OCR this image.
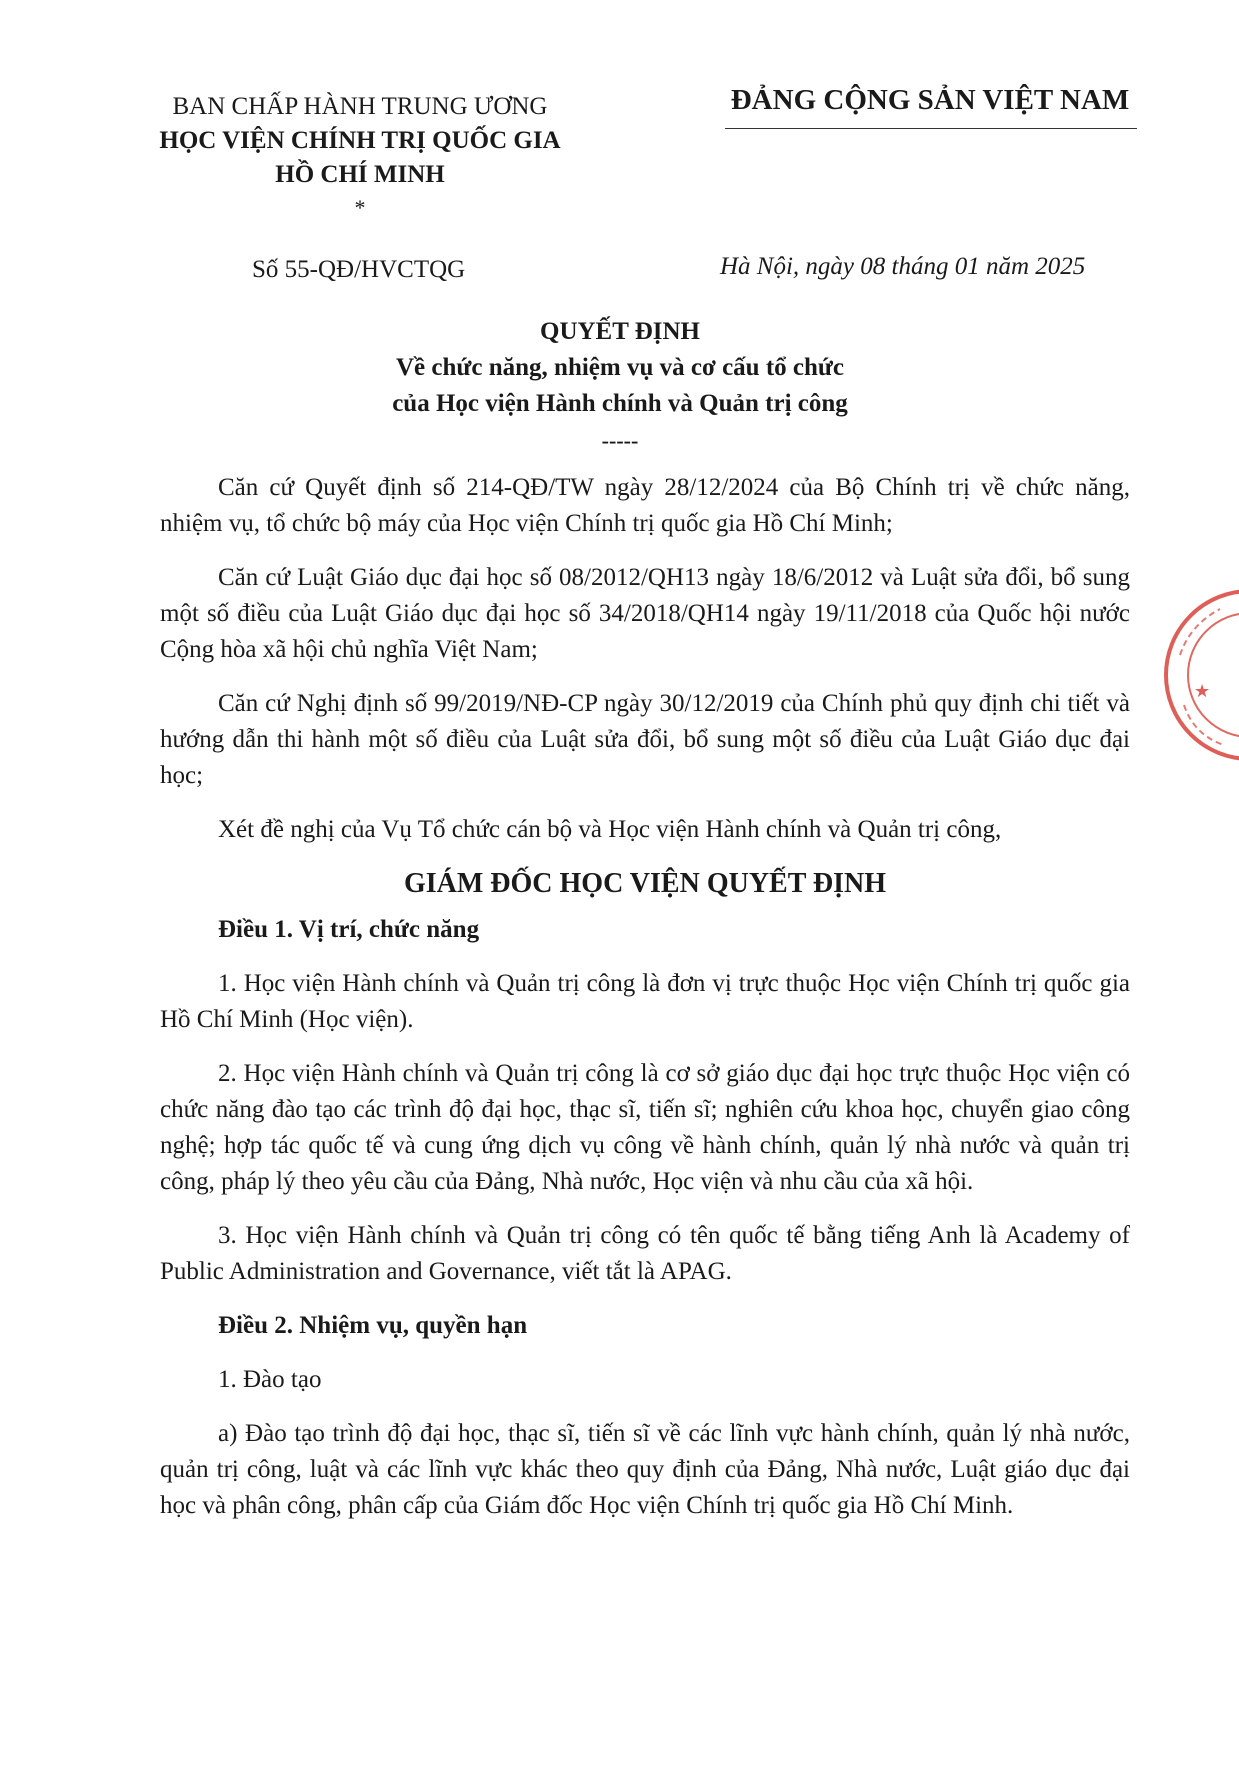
BAN CHẤP HÀNH TRUNG ƯƠNG
HỌC VIỆN CHÍNH TRỊ QUỐC GIA
HỒ CHÍ MINH
*
ĐẢNG CỘNG SẢN VIỆT NAM
Số 55-QĐ/HVCTQG	Hà Nội, ngày 08 tháng 01 năm 2025
QUYẾT ĐỊNH
Về chức năng, nhiệm vụ và cơ cấu tổ chức
của Học viện Hành chính và Quản trị công
-----

Căn cứ Quyết định số 214-QĐ/TW ngày 28/12/2024 của Bộ Chính trị về chức năng, nhiệm vụ, tổ chức bộ máy của Học viện Chính trị quốc gia Hồ Chí Minh;

Căn cứ Luật Giáo dục đại học số 08/2012/QH13 ngày 18/6/2012 và Luật sửa đổi, bổ sung một số điều của Luật Giáo dục đại học số 34/2018/QH14 ngày 19/11/2018 của Quốc hội nước Cộng hòa xã hội chủ nghĩa Việt Nam;

Căn cứ Nghị định số 99/2019/NĐ-CP ngày 30/12/2019 của Chính phủ quy định chi tiết và hướng dẫn thi hành một số điều của Luật sửa đổi, bổ sung một số điều của Luật Giáo dục đại học;

Xét đề nghị của Vụ Tổ chức cán bộ và Học viện Hành chính và Quản trị công,

GIÁM ĐỐC HỌC VIỆN QUYẾT ĐỊNH

Điều 1. Vị trí, chức năng

1. Học viện Hành chính và Quản trị công là đơn vị trực thuộc Học viện Chính trị quốc gia Hồ Chí Minh (Học viện).

2. Học viện Hành chính và Quản trị công là cơ sở giáo dục đại học trực thuộc Học viện có chức năng đào tạo các trình độ đại học, thạc sĩ, tiến sĩ; nghiên cứu khoa học, chuyển giao công nghệ; hợp tác quốc tế và cung ứng dịch vụ công về hành chính, quản lý nhà nước và quản trị công, pháp lý theo yêu cầu của Đảng, Nhà nước, Học viện và nhu cầu của xã hội.

3. Học viện Hành chính và Quản trị công có tên quốc tế bằng tiếng Anh là Academy of Public Administration and Governance, viết tắt là APAG.

Điều 2. Nhiệm vụ, quyền hạn

1. Đào tạo

a) Đào tạo trình độ đại học, thạc sĩ, tiến sĩ về các lĩnh vực hành chính, quản lý nhà nước, quản trị công, luật và các lĩnh vực khác theo quy định của Đảng, Nhà nước, Luật giáo dục đại học và phân công, phân cấp của Giám đốc Học viện Chính trị quốc gia Hồ Chí Minh.

★
